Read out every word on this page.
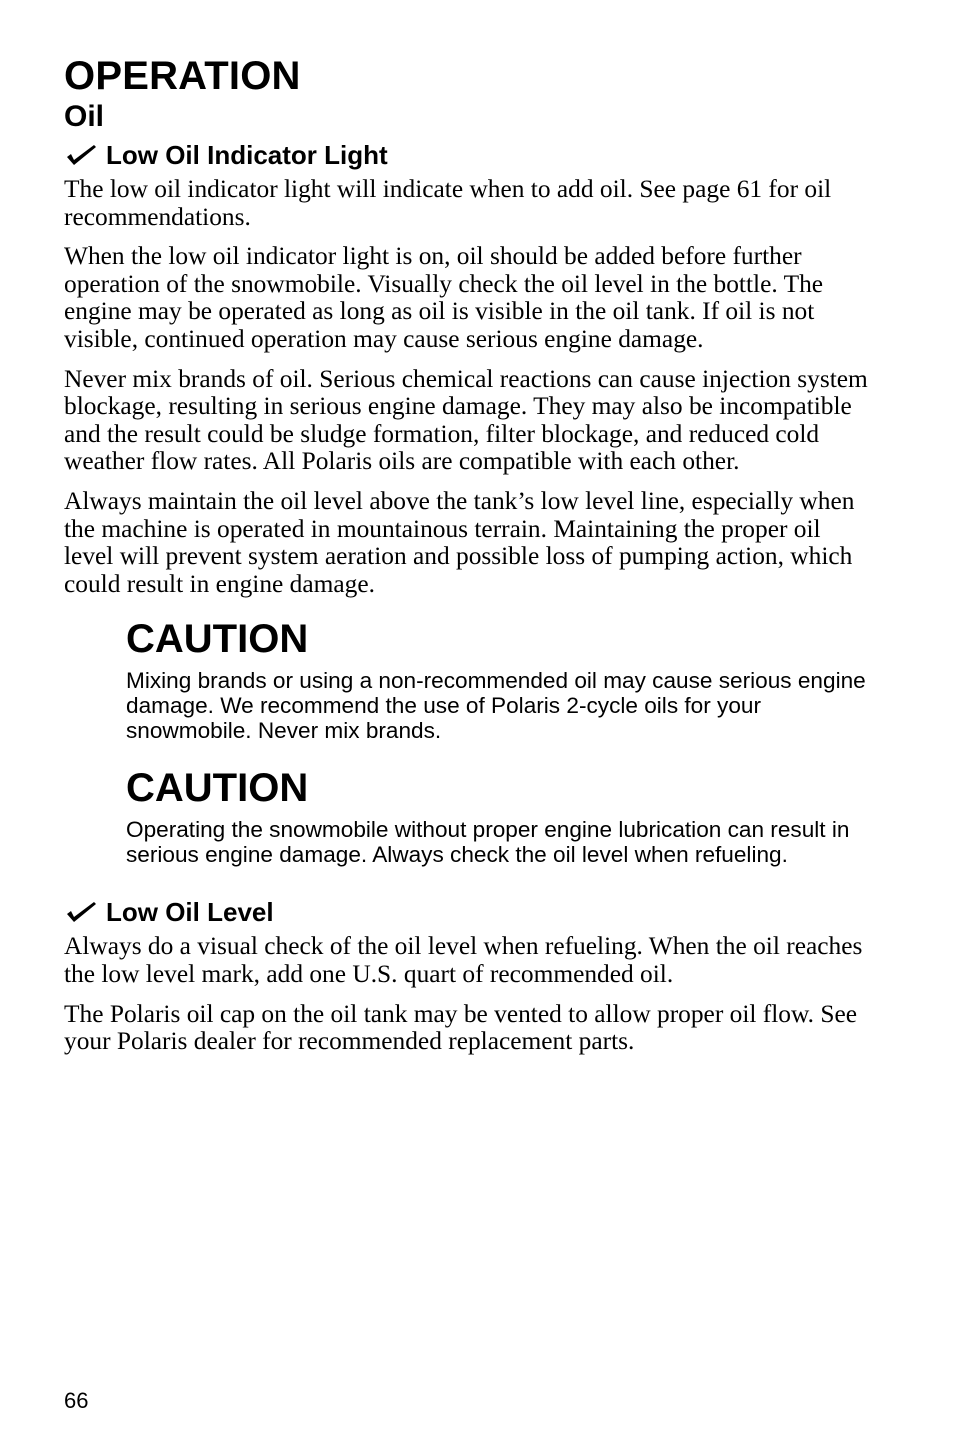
OPERATION
Oil
Low Oil Indicator Light

The low oil indicator light will indicate when to add oil. See page 61 for oil recommendations.

When the low oil indicator light is on, oil should be added before further operation of the snowmobile. Visually check the oil level in the bottle. The engine may be operated as long as oil is visible in the oil tank. If oil is not visible, continued operation may cause serious engine damage.

Never mix brands of oil. Serious chemical reactions can cause injection system blockage, resulting in serious engine damage. They may also be incompatible and the result could be sludge formation, filter blockage, and reduced cold weather flow rates. All Polaris oils are compatible with each other.

Always maintain the oil level above the tank’s low level line, especially when the machine is operated in mountainous terrain. Maintaining the proper oil level will prevent system aeration and possible loss of pumping action, which could result in engine damage.

CAUTION

Mixing brands or using a non-recommended oil may cause serious engine damage. We recommend the use of Polaris 2-cycle oils for your snowmobile. Never mix brands.

CAUTION

Operating the snowmobile without proper engine lubrication can result in serious engine damage. Always check the oil level when refueling.

Low Oil Level

Always do a visual check of the oil level when refueling. When the oil reaches the low level mark, add one U.S. quart of recommended oil.

The Polaris oil cap on the oil tank may be vented to allow proper oil flow. See your Polaris dealer for recommended replacement parts.

66
